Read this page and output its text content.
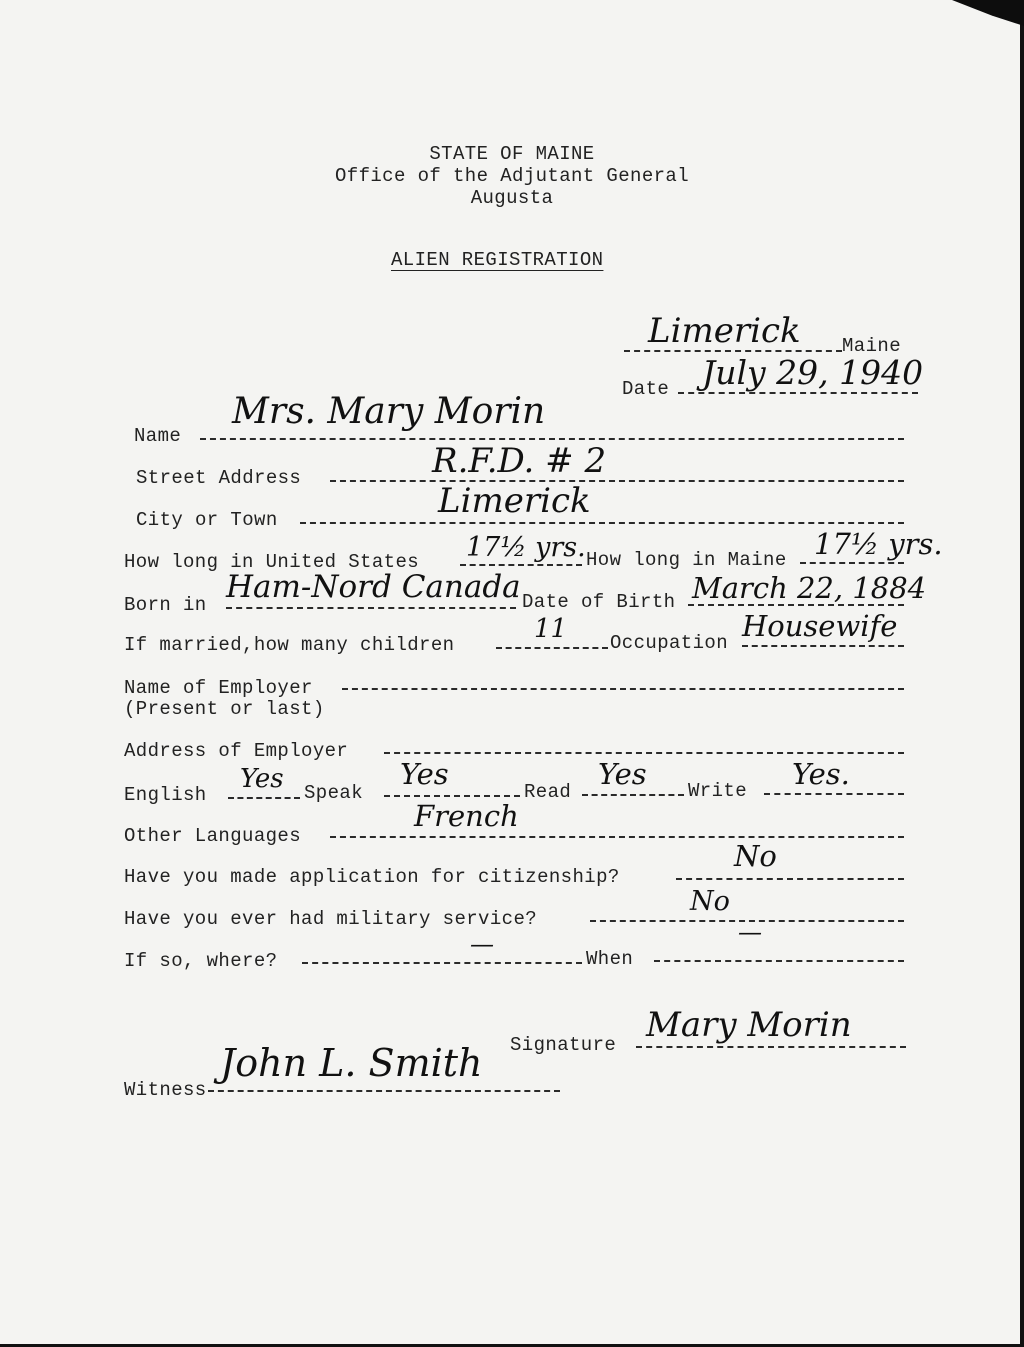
STATE OF MAINE
Office of the Adjutant General
Augusta
ALIEN REGISTRATION
Limerick Maine
Date July 29, 1940
Name
Mrs. Mary Morin
Street Address	R.F.D. # 2
City or Town	Limerick
How long in United States 17½ yrs. How long in Maine 17½ yrs.
Born in Ham-Nord Canada Date of Birth March 22, 1884
If married,how many children
11 Occupation Housewife
Name of Employer
(Present or last)
Address of Employer
English
Yes Speak
Yes
Read
Yes Write Yes.
Other Languages
French
Have you made application for citizenship?
No
Have you ever had military service?
No
If so, where?
—
When
—
Signature Mary Morin
Witness
John L. Smith
